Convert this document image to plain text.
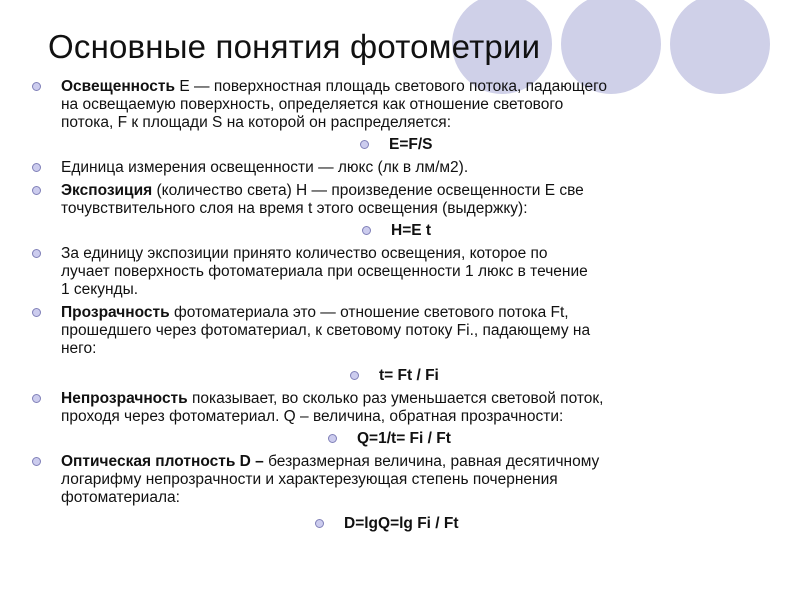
Основные понятия фотометрии
Освещенность E — поверхностная площадь светового потока, падающего
на освещаемую поверхность, определяется как отношение светового
потока, F к площади S на которой он распределяется:
E=F/S
Единица измерения освещенности — люкс (лк в лм/м2).
Экспозиция (количество света) H — произведение освещенности E све
точувствительного слоя на время t этого освещения (выдержку):
H=E t
За единицу экспозиции принято количество освещения, которое по
лучает поверхность фотоматериала при освещенности 1 люкс в течение
1 секунды.
Прозрачность фотоматериала это — отношение светового потока Ft,
прошедшего через фотоматериал, к световому потоку Fi., падающему на
него:
t= Ft / Fi
Непрозрачность показывает, во сколько раз уменьшается световой поток,
проходя через фотоматериал. Q – величина, обратная прозрачности:
Q=1/t= Fi / Ft
Оптическая плотность D – безразмерная величина, равная десятичному
логарифму непрозрачности и характерезующая степень почернения
фотоматериала:
D=lgQ=lg Fi / Ft
